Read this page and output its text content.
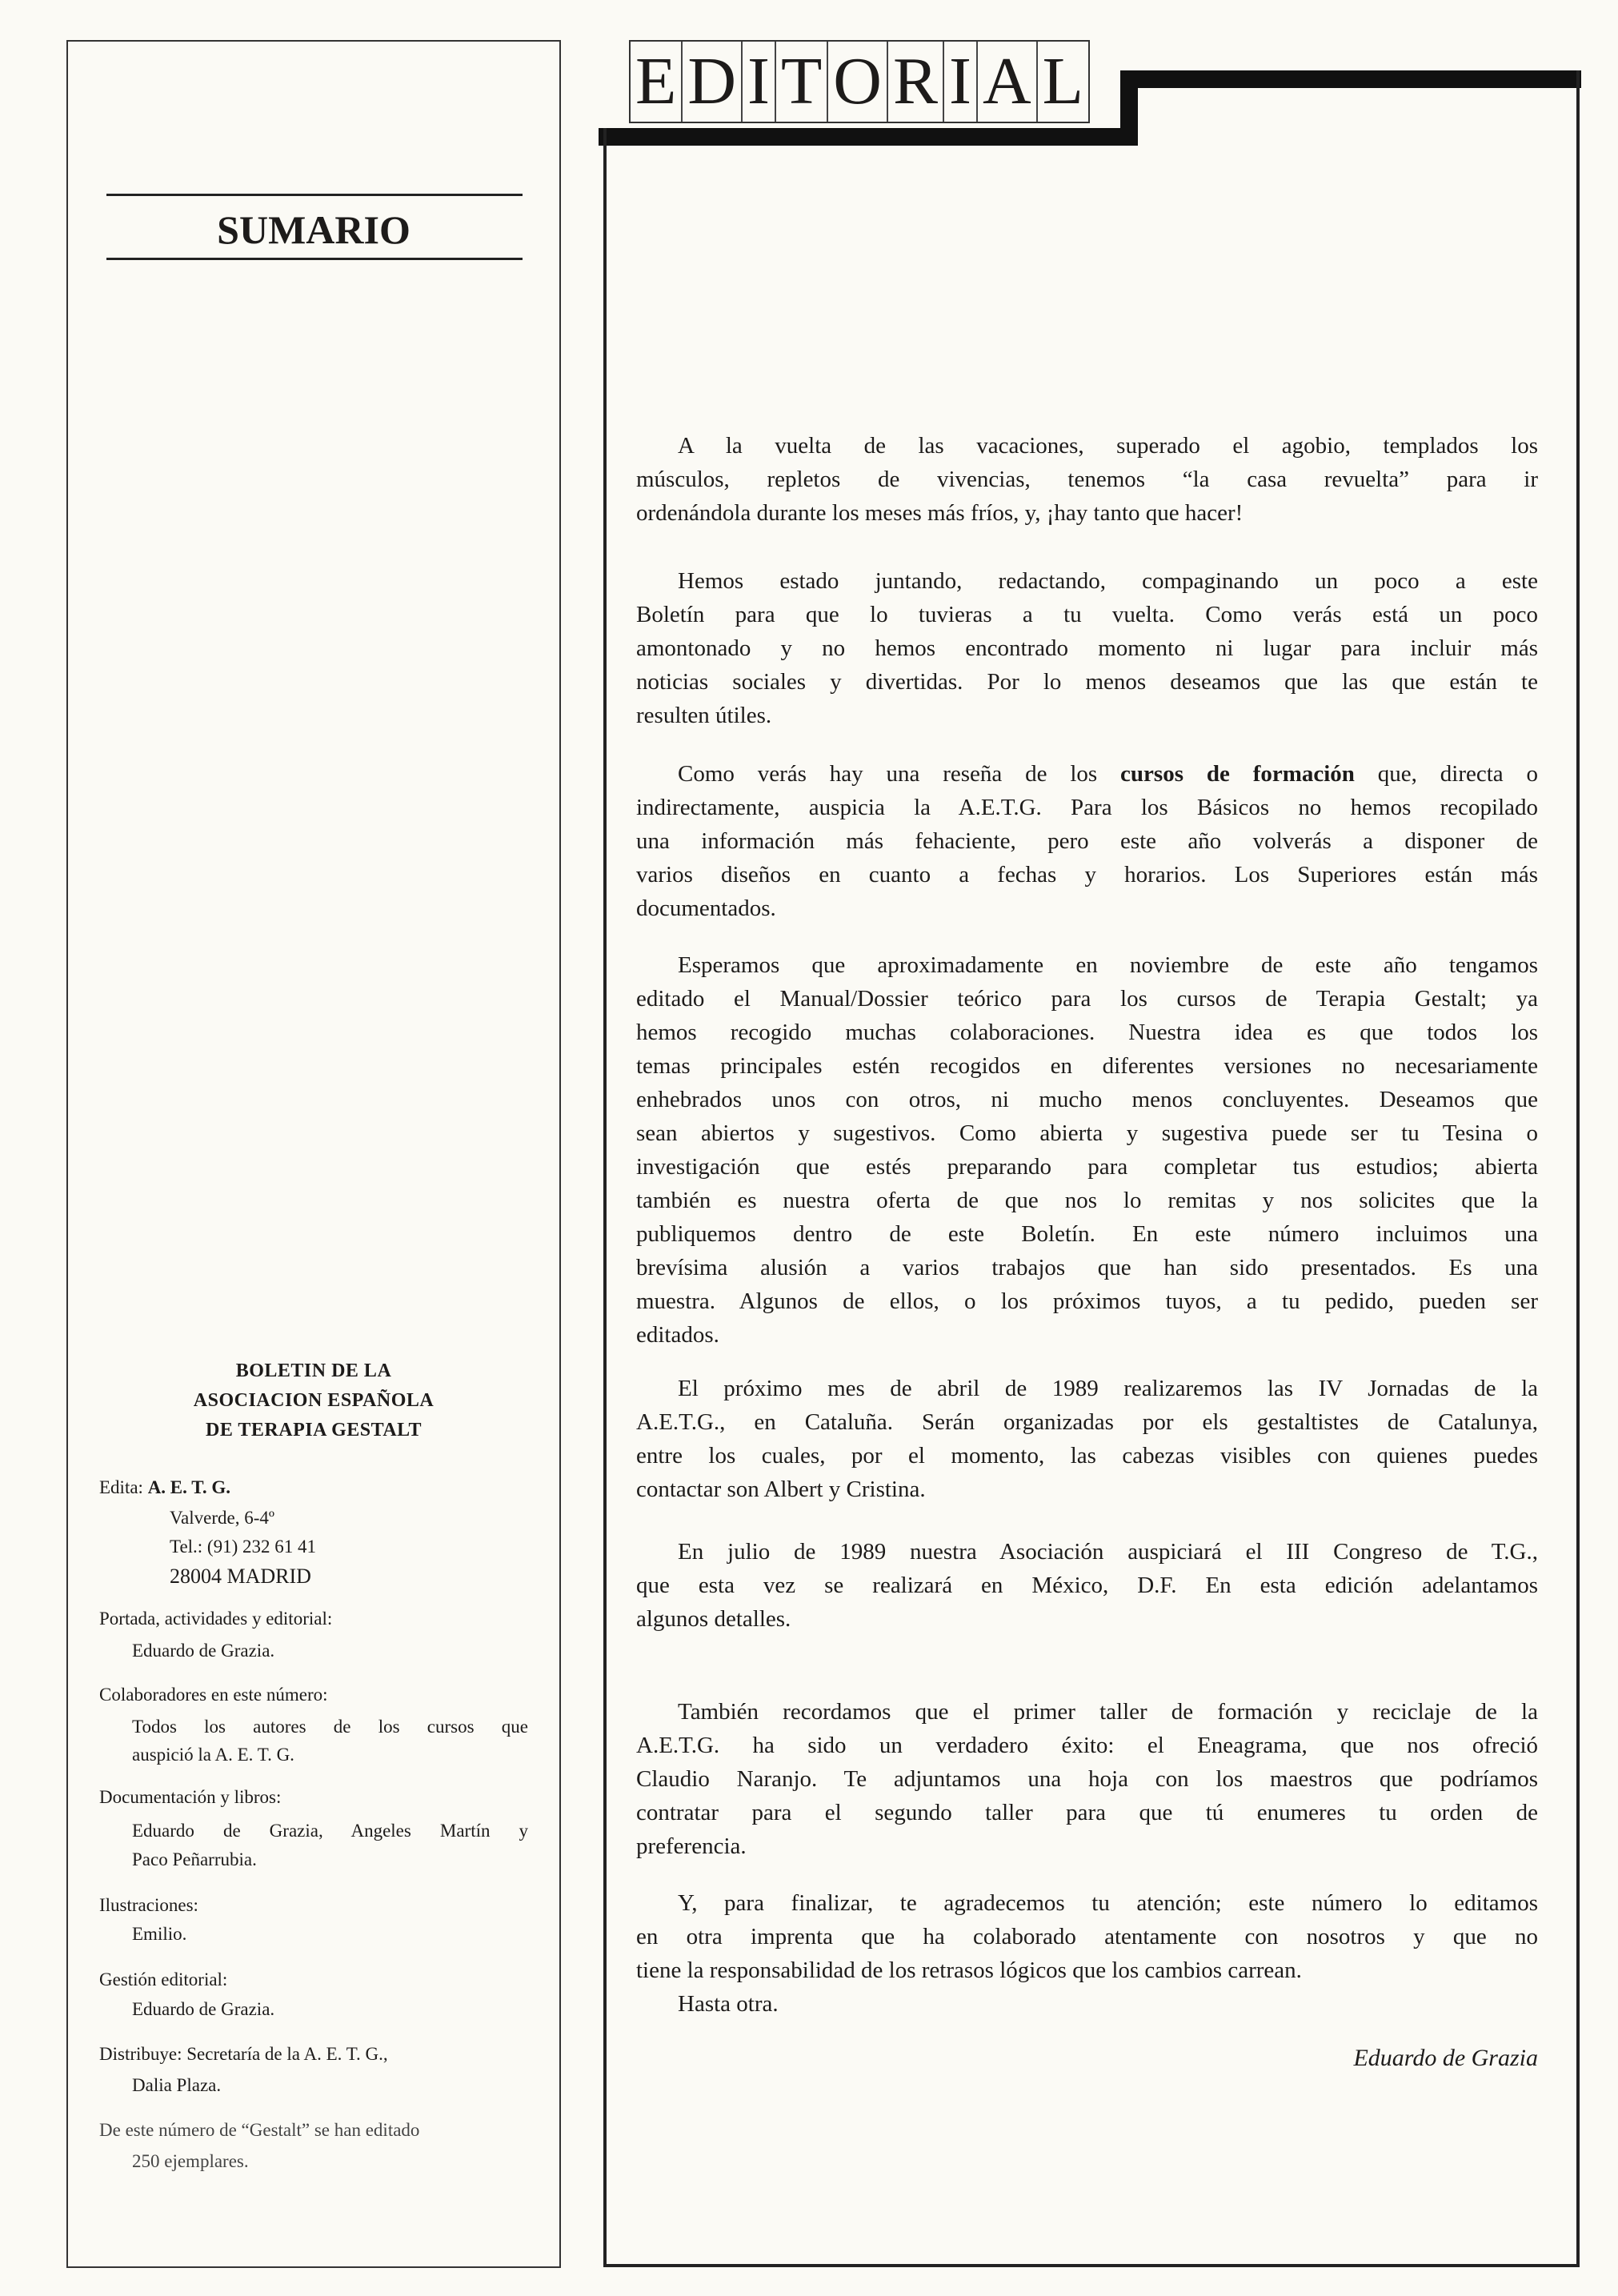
SUMARIO
BOLETIN DE LA
ASOCIACION ESPAÑOLA
DE TERAPIA GESTALT
Edita: A. E. T. G.
Valverde, 6-4º
Tel.: (91) 232 61 41
28004 MADRID
Portada, actividades y editorial:
Eduardo de Grazia.
Colaboradores en este número:
Todos los autores de los cursos que
auspició la A. E. T. G.
Documentación y libros:
Eduardo de Grazia, Angeles Martín y
Paco Peñarrubia.
Ilustraciones:
Emilio.
Gestión editorial:
Eduardo de Grazia.
Distribuye: Secretaría de la A. E. T. G.,
Dalia Plaza.
De este número de “Gestalt” se han editado
250 ejemplares.
E D I T O R I A L
A la vuelta de las vacaciones, superado el agobio, templados los
músculos, repletos de vivencias, tenemos “la casa revuelta” para ir
ordenándola durante los meses más fríos, y, ¡hay tanto que hacer!
Hemos estado juntando, redactando, compaginando un poco a este
Boletín para que lo tuvieras a tu vuelta. Como verás está un poco
amontonado y no hemos encontrado momento ni lugar para incluir más
noticias sociales y divertidas. Por lo menos deseamos que las que están te
resulten útiles.
Como verás hay una reseña de los cursos de formación que, directa o
indirectamente, auspicia la A.E.T.G. Para los Básicos no hemos recopilado
una información más fehaciente, pero este año volverás a disponer de
varios diseños en cuanto a fechas y horarios. Los Superiores están más
documentados.
Esperamos que aproximadamente en noviembre de este año tengamos
editado el Manual/Dossier teórico para los cursos de Terapia Gestalt; ya
hemos recogido muchas colaboraciones. Nuestra idea es que todos los
temas principales estén recogidos en diferentes versiones no necesariamente
enhebrados unos con otros, ni mucho menos concluyentes. Deseamos que
sean abiertos y sugestivos. Como abierta y sugestiva puede ser tu Tesina o
investigación que estés preparando para completar tus estudios; abierta
también es nuestra oferta de que nos lo remitas y nos solicites que la
publiquemos dentro de este Boletín. En este número incluimos una
brevísima alusión a varios trabajos que han sido presentados. Es una
muestra. Algunos de ellos, o los próximos tuyos, a tu pedido, pueden ser
editados.
El próximo mes de abril de 1989 realizaremos las IV Jornadas de la
A.E.T.G., en Cataluña. Serán organizadas por els gestaltistes de Catalunya,
entre los cuales, por el momento, las cabezas visibles con quienes puedes
contactar son Albert y Cristina.
En julio de 1989 nuestra Asociación auspiciará el III Congreso de T.G.,
que esta vez se realizará en México, D.F. En esta edición adelantamos
algunos detalles.
También recordamos que el primer taller de formación y reciclaje de la
A.E.T.G. ha sido un verdadero éxito: el Eneagrama, que nos ofreció
Claudio Naranjo. Te adjuntamos una hoja con los maestros que podríamos
contratar para el segundo taller para que tú enumeres tu orden de
preferencia.
Y, para finalizar, te agradecemos tu atención; este número lo editamos
en otra imprenta que ha colaborado atentamente con nosotros y que no
tiene la responsabilidad de los retrasos lógicos que los cambios carrean.
Hasta otra.
Eduardo de Grazia
